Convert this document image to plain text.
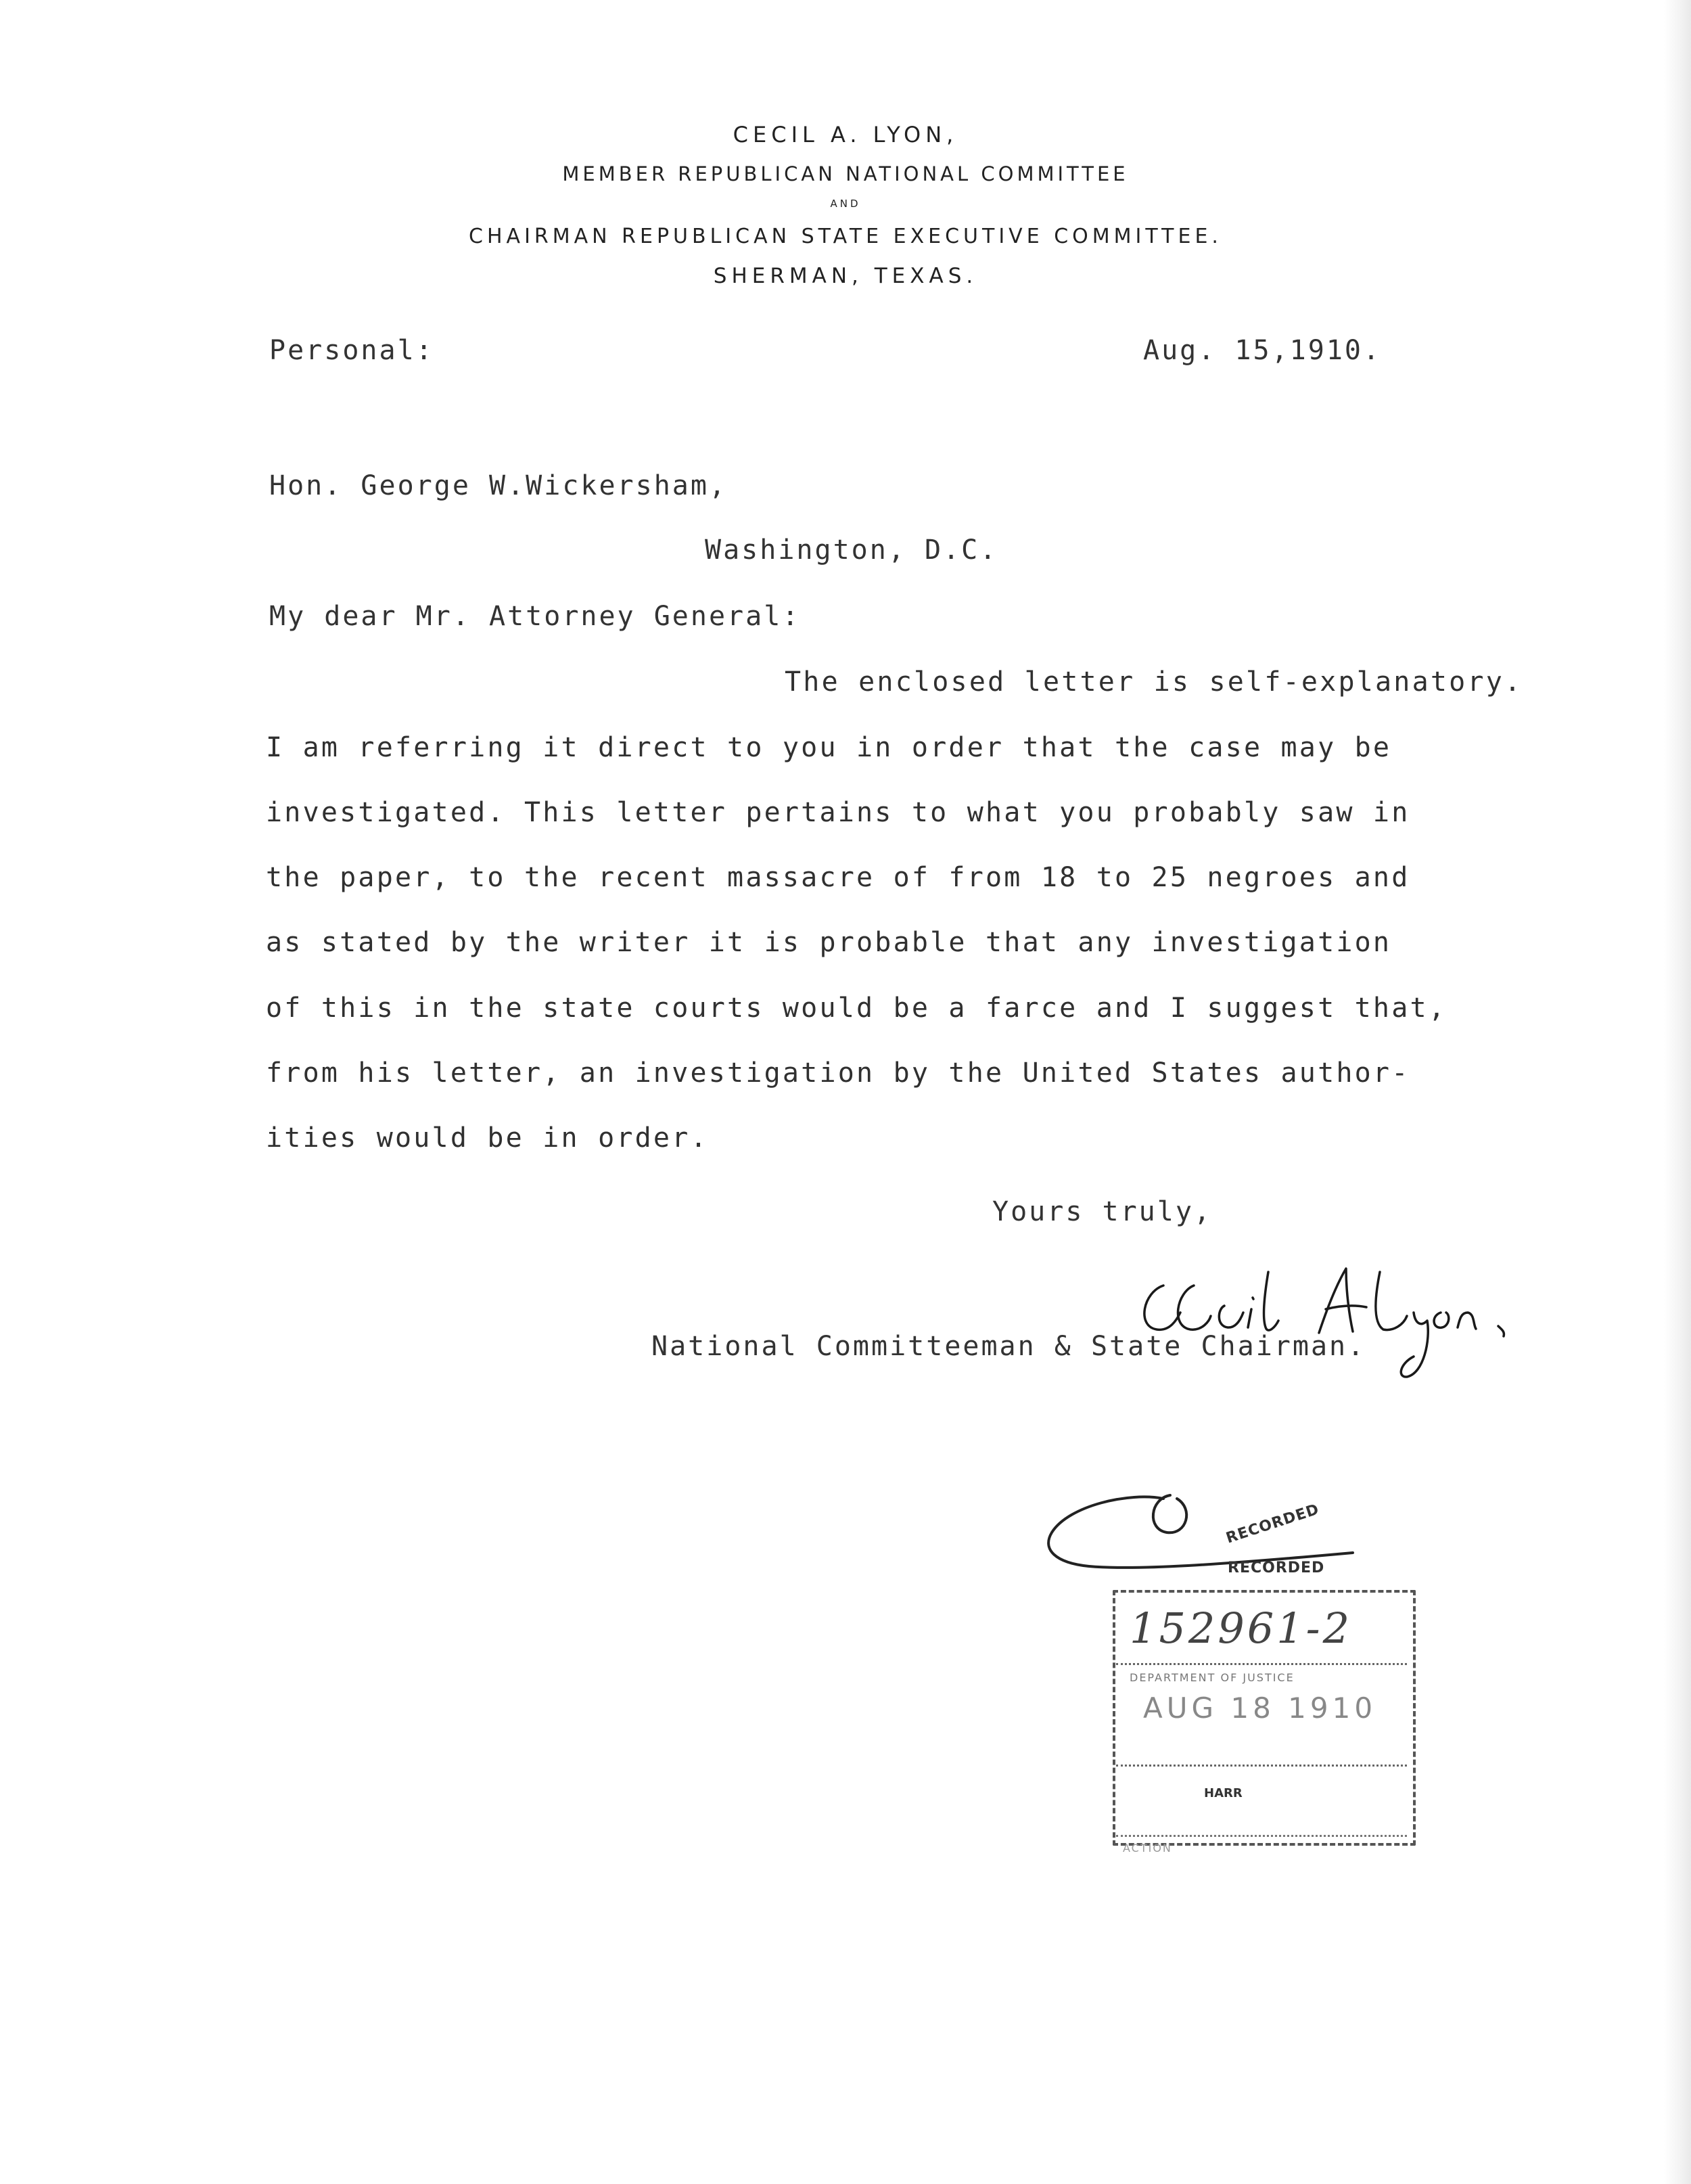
CECIL A. LYON,
MEMBER REPUBLICAN NATIONAL COMMITTEE
AND
CHAIRMAN REPUBLICAN STATE EXECUTIVE COMMITTEE.
SHERMAN, TEXAS.
Personal:	Aug. 15,1910.
Hon. George W.Wickersham,
Washington, D.C.
My dear Mr. Attorney General:
The enclosed letter is self-explanatory.
I am referring it direct to you in order that the case may be
investigated. This letter pertains to what you probably saw in
the paper, to the recent massacre of from 18 to 25 negroes and
as stated by the writer it is probable that any investigation
of this in the state courts would be a farce and I suggest that,
from his letter, an investigation by the United States author-
ities would be in order.
Yours truly,
National Committeeman & State Chairman.
RECORDED
RECORDED
152961-2
DEPARTMENT OF JUSTICE
AUG 18 1910
HARR
ACTION
